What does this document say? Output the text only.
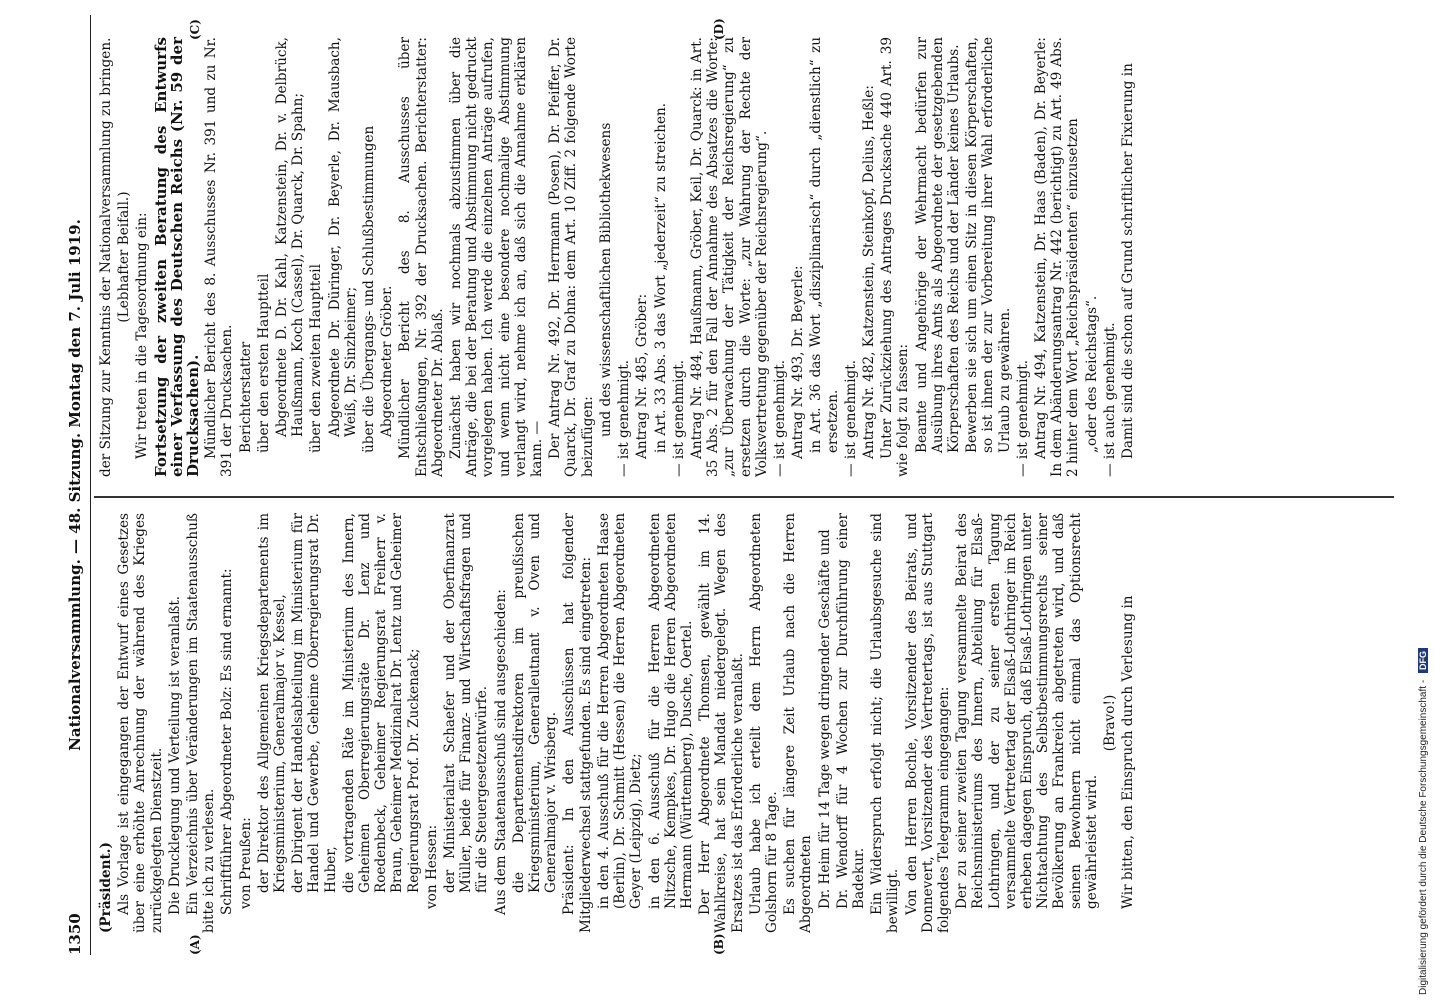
1350
Nationalversammlung. — 48. Sitzung. Montag den 7. Juli 1919.
(A)	(B)
(C)	(D)

(Präsident.) Als Vorlage ist eingegangen der Entwurf eines Gesetzes über eine erhöhte Anrechnung der während des Krieges zurückgelegten Dienstzeit. Die Drucklegung und Verteilung ist veranlaßt. Ein Verzeichnis über Veränderungen im Staatenausschuß bitte ich zu verlesen. Schriftführer Abgeordneter Bolz: Es sind ernannt: von Preußen: der Direktor des Allgemeinen Kriegsdepartements im Kriegsministerium, Generalmajor v. Kessel, der Dirigent der Handelsabteilung im Ministerium für Handel und Gewerbe, Geheime Oberregierungsrat Dr. Huber, die vortragenden Räte im Ministerium des Innern, Geheimen Oberregierungsräte Dr. Lenz und Roedenbeck, Geheimer Regierungsrat Freiherr v. Braun, Geheimer Medizinalrat Dr. Lentz und Geheimer Regierungsrat Prof. Dr. Zuckenack; von Hessen: der Ministerialrat Schaefer und der Oberfinanzrat Müller, beide für Finanz- und Wirtschaftsfragen und für die Steuergesetzentwürfe. Aus dem Staatenausschuß sind ausgeschieden: die Departementsdirektoren im preußischen Kriegsministerium, Generalleutnant v. Oven und Generalmajor v. Wrisberg. Präsident: In den Ausschüssen hat folgender Mitgliederwechsel stattgefunden. Es sind eingetreten: in den 4. Ausschuß für die Herren Abgeordneten Haase (Berlin), Dr. Schmitt (Hessen) die Herren Abgeordneten Geyer (Leipzig), Dietz; in den 6. Ausschuß für die Herren Abgeordneten Nitzsche, Kempkes, Dr. Hugo die Herren Abgeordneten Hermann (Württemberg), Dusche, Oertel. Der Herr Abgeordnete Thomsen, gewählt im 14. Wahlkreise, hat sein Mandat niedergelegt. Wegen des Ersatzes ist das Erforderliche veranlaßt. Urlaub habe ich erteilt dem Herrn Abgeordneten Golshorn für 8 Tage. Es suchen für längere Zeit Urlaub nach die Herren Abgeordneten Dr. Heim für 14 Tage wegen dringender Geschäfte und Dr. Wendorff für 4 Wochen zur Durchführung einer Badekur. Ein Widerspruch erfolgt nicht; die Urlaubsgesuche sind bewilligt. Von den Herren Bochle, Vorsitzender des Beirats, und Donnevert, Vorsitzender des Vertretertags, ist aus Stuttgart folgendes Telegramm eingegangen: Der zu seiner zweiten Tagung versammelte Beirat des Reichsministeriums des Innern, Abteilung für Elsaß-Lothringen, und der zu seiner ersten Tagung versammelte Vertretertag der Elsaß-Lothringer im Reich erheben dagegen Einspruch, daß Elsaß-Lothringen unter Nichtachtung des Selbstbestimmungsrechts seiner Bevölkerung an Frankreich abgetreten wird, und daß seinen Bewohnern nicht einmal das Optionsrecht gewährleistet wird.

(Bravo!) Wir bitten, den Einspruch durch Verlesung in

der Sitzung zur Kenntnis der Nationalversammlung zu bringen. (Lebhafter Beifall.) Wir treten in die Tagesordnung ein: Fortsetzung der zweiten Beratung des Entwurfs einer Verfassung des Deutschen Reichs (Nr. 59 der Drucksachen). Mündlicher Bericht des 8. Ausschusses Nr. 391 und zu Nr. 391 der Drucksachen. Berichterstatter über den ersten Hauptteil Abgeordnete D. Dr. Kahl, Katzenstein, Dr. v. Delbrück, Haußmann, Koch (Cassel), Dr. Quarck, Dr. Spahn; über den zweiten Hauptteil Abgeordnete Dr. Düringer, Dr. Beyerle, Dr. Mausbach, Weiß, Dr. Sinzheimer; über die Übergangs- und Schlußbestimmungen Abgeordneter Gröber. Mündlicher Bericht des 8. Ausschusses über Entschließungen, Nr. 392 der Drucksachen. Berichterstatter: Abgeordneter Dr. Ablaß. Zunächst haben wir nochmals abzustimmen über die Anträge, die bei der Beratung und Abstimmung nicht gedruckt vorgelegen haben. Ich werde die einzelnen Anträge aufrufen, und wenn nicht eine besondere nochmalige Abstimmung verlangt wird, nehme ich an, daß sich die Annahme erklären kann. — Der Antrag Nr. 492, Dr. Herrmann (Posen), Dr. Pfeiffer, Dr. Quarck, Dr. Graf zu Dohna: dem Art. 10 Ziff. 2 folgende Worte beizufügen: und des wissenschaftlichen Bibliothekwesens — ist genehmigt. Antrag Nr. 485, Gröber: in Art. 33 Abs. 3 das Wort „jederzeit“ zu streichen. — ist genehmigt. Antrag Nr. 484, Haußmann, Gröber, Keil, Dr. Quarck: in Art. 35 Abs. 2 für den Fall der Annahme des Absatzes die Worte: „zur Überwachung der Tätigkeit der Reichsregierung“ zu ersetzen durch die Worte: „zur Wahrung der Rechte der Volksvertretung gegenüber der Reichsregierung“. — ist genehmigt. Antrag Nr. 493, Dr. Beyerle: in Art. 36 das Wort „disziplinarisch“ durch „dienstlich“ zu ersetzen. — ist genehmigt. Antrag Nr. 482, Katzenstein, Steinkopf, Delius, Heßle: Unter Zurückziehung des Antrages Drucksache 440 Art. 39 wie folgt zu fassen: Beamte und Angehörige der Wehrmacht bedürfen zur Ausübung ihres Amts als Abgeordnete der gesetzgebenden Körperschaften des Reichs und der Länder keines Urlaubs. Bewerben sie sich um einen Sitz in diesen Körperschaften, so ist ihnen der zur Vorbereitung ihrer Wahl erforderliche Urlaub zu gewähren. — ist genehmigt. Antrag Nr. 494, Katzenstein, Dr. Haas (Baden), Dr. Beyerle: In dem Abänderungsantrag Nr. 442 (berichtigt) zu Art. 49 Abs. 2 hinter dem Wort „Reichspräsidenten“ einzusetzen „oder des Reichstags“. — ist auch genehmigt. Damit sind die schon auf Grund schriftlicher Fixierung in

Digitalisierung gefördert durch die Deutsche Forschungsgemeinschaft - DFG
